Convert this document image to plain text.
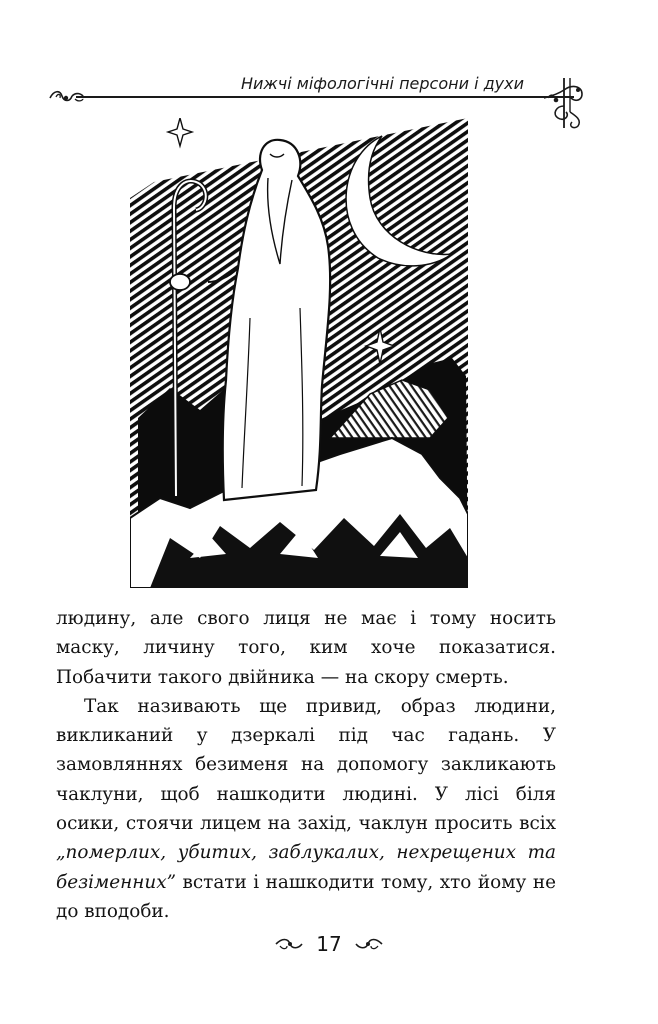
Нижчі міфологічні персони і духи

людину, але свого лиця не має і тому носить маску, личину того, ким хоче показатися. Побачити такого двійника — на скору смерть.

Так називають ще привид, образ людини, викликаний у дзеркалі під час гадань. У замовляннях безименя на допомогу закликають чаклуни, щоб нашкодити людині. У лісі біля осики, стоячи лицем на захід, чаклун просить всіх „померлих, убитих, заблукалих, нехрещених та безіменних” встати і нашкодити тому, хто йому не до вподоби.

17
